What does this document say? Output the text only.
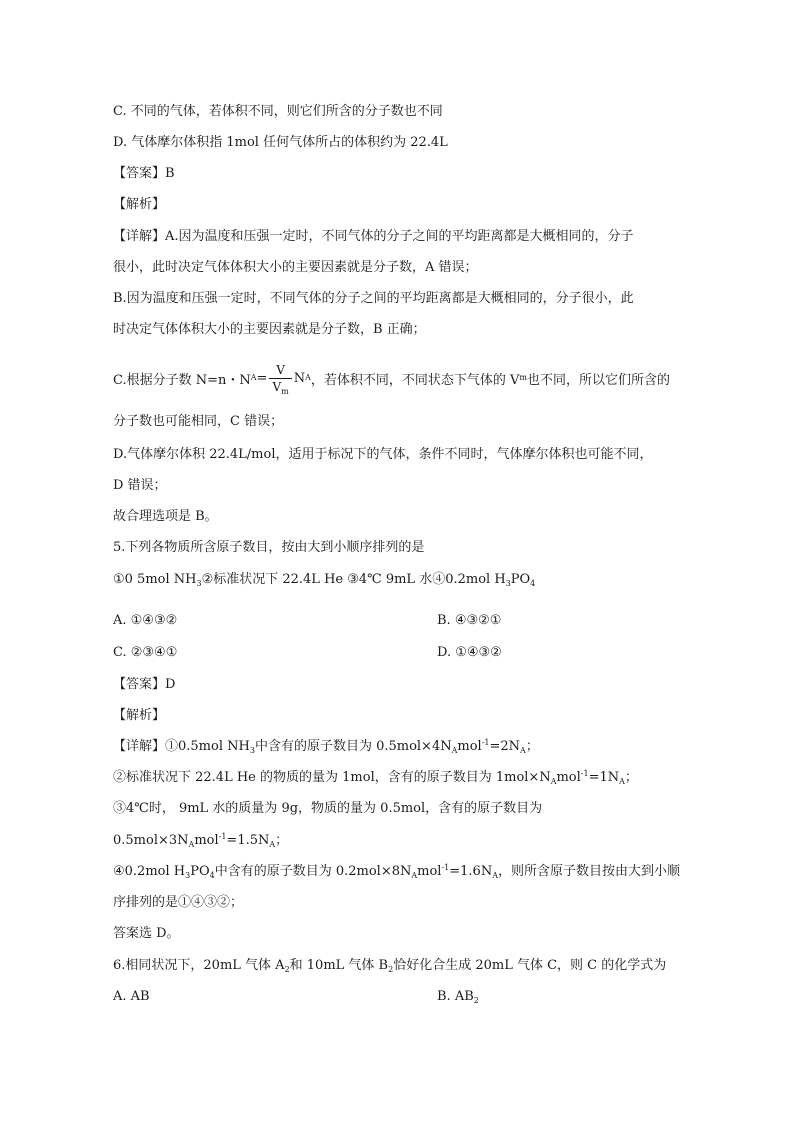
C. 不同的气体，若体积不同，则它们所含的分子数也不同
D. 气体摩尔体积指 1mol 任何气体所占的体积约为 22.4L
【答案】B
【解析】
【详解】A.因为温度和压强一定时，不同气体的分子之间的平均距离都是大概相同的，分子
很小，此时决定气体体积大小的主要因素就是分子数，A 错误；
B.因为温度和压强一定时，不同气体的分子之间的平均距离都是大概相同的，分子很小，此
时决定气体体积大小的主要因素就是分子数，B 正确；
C.根据分子数 N=n・N $A = \frac{V}{V_m}$ N A ，若体积不同，不同状态下气体的 V m 也不同，所以它们所含的
分子数也可能相同，C 错误；
D.气体摩尔体积 22.4L/mol，适用于标况下的气体，条件不同时，气体摩尔体积也可能不同，
D 错误；
故合理选项是 B。
5.下列各物质所含原子数目，按由大到小顺序排列的是
①0 5mol $NH_3②$标准状况下 22.4L He ③4℃ 9mL 水④0.2mol $H_3PO_4$
A. ①④③②	B. ④③②①
C. ②③④①	D. ①④③②
【答案】D
【解析】
【详解】①0.5mol $NH_3$中含有的原子数目为 $0.5mol\times 4N_Amol^{-1}=2N_A$；
②标准状况下 22.4L He 的物质的量为 1mol，含有的原子数目为 $1mol\times N_Amol^{-1}=1N_A$；
③4℃时， 9mL 水的质量为 9g，物质的量为 0.5mol，含有的原子数目为
$0.5mol\times 3N_Amol^{-1}=1.5N_A$；
④0.2mol $H_3PO_4$中含有的原子数目为 $0.2mol\times 8N_Amol^{-1}=1.6N_A$，则所含原子数目按由大到小顺
序排列的是①④③②；
答案选 D。
6.相同状况下，20mL 气体 $A_2$和 10mL 气体 $B_2$恰好化合生成 20mL 气体 C，则 C 的化学式为
A. AB	B. $AB_2$
